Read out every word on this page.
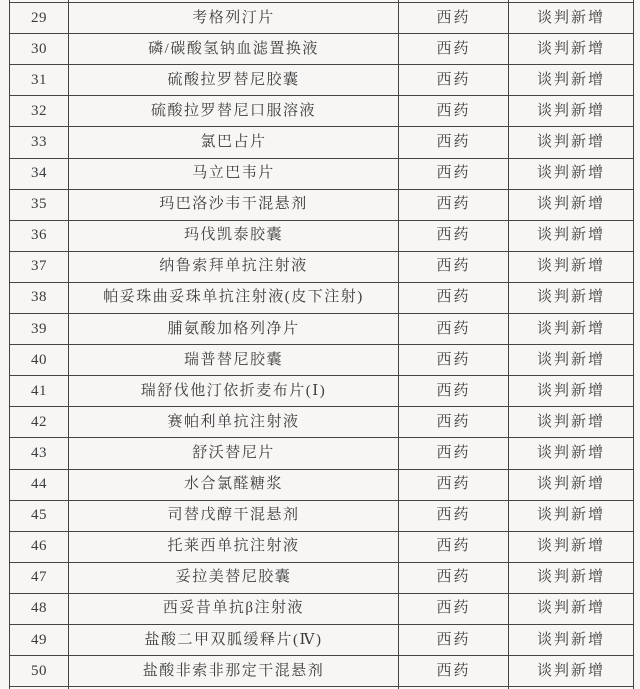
29	考格列汀片	西药	谈判新增
30	磷/碳酸氢钠血滤置换液	西药	谈判新增
31	硫酸拉罗替尼胶囊	西药	谈判新增
32	硫酸拉罗替尼口服溶液	西药	谈判新增
33	氯巴占片	西药	谈判新增
34	马立巴韦片	西药	谈判新增
35	玛巴洛沙韦干混悬剂	西药	谈判新增
36	玛伐凯泰胶囊	西药	谈判新增
37	纳鲁索拜单抗注射液	西药	谈判新增
38	帕妥珠曲妥珠单抗注射液(皮下注射)	西药	谈判新增
39	脯氨酸加格列净片	西药	谈判新增
40	瑞普替尼胶囊	西药	谈判新增
41	瑞舒伐他汀依折麦布片(Ⅰ)	西药	谈判新增
42	赛帕利单抗注射液	西药	谈判新增
43	舒沃替尼片	西药	谈判新增
44	水合氯醛糖浆	西药	谈判新增
45	司替戊醇干混悬剂	西药	谈判新增
46	托莱西单抗注射液	西药	谈判新增
47	妥拉美替尼胶囊	西药	谈判新增
48	西妥昔单抗β注射液	西药	谈判新增
49	盐酸二甲双胍缓释片(Ⅳ)	西药	谈判新增
50	盐酸非索非那定干混悬剂	西药	谈判新增
